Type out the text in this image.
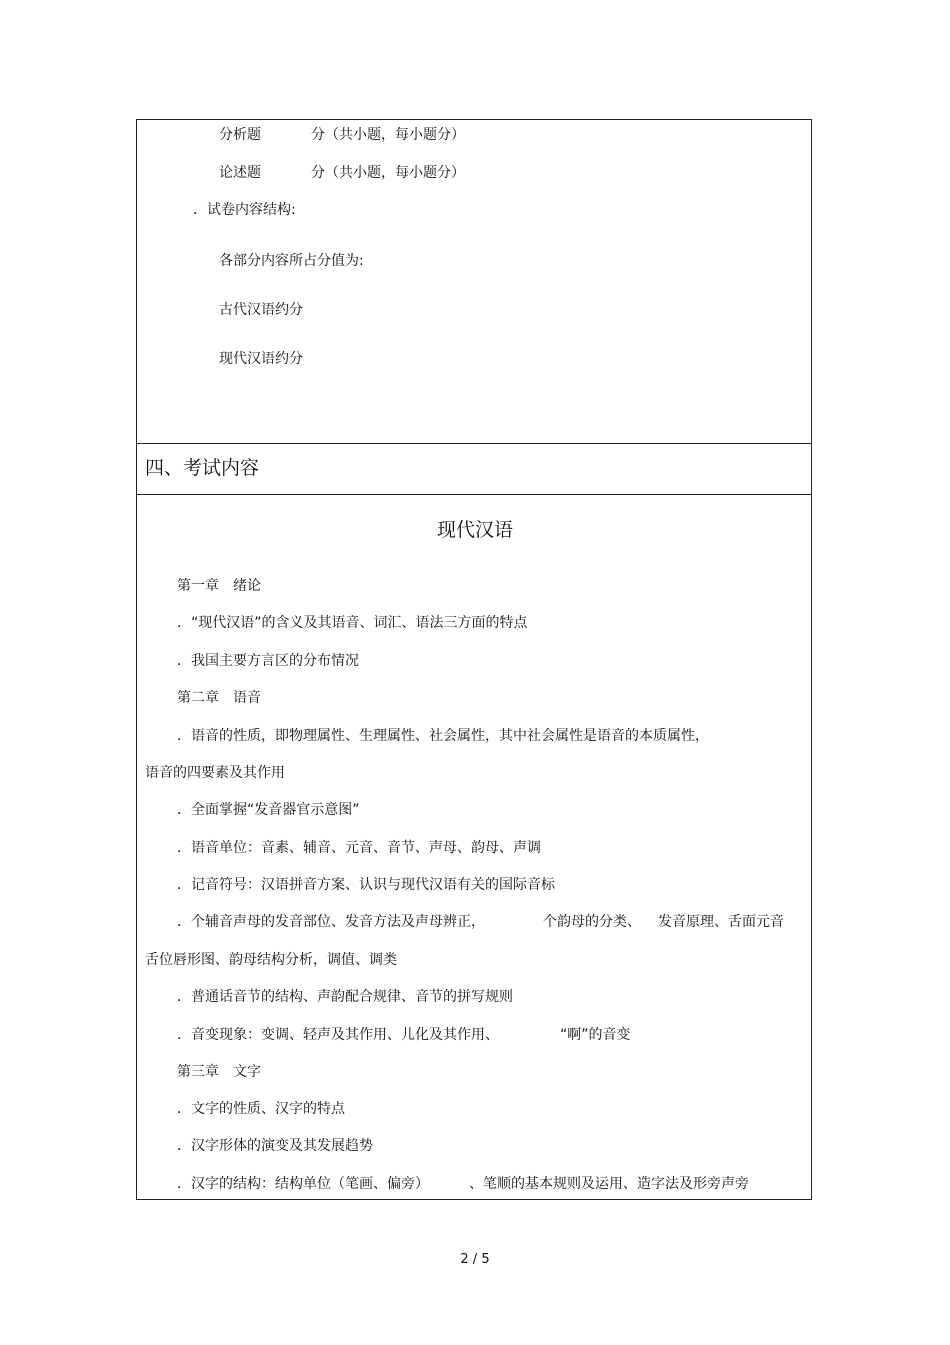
分析题	分（共小题，每小题分）
论述题	分（共小题，每小题分）
．试卷内容结构:
各部分内容所占分值为:
古代汉语约分
现代汉语约分
四、考试内容
现代汉语
第一章　绪论
．“现代汉语”的含义及其语音、词汇、语法三方面的特点
．我国主要方言区的分布情况
第二章　语音
．语音的性质，即物理属性、生理属性、社会属性，其中社会属性是语音的本质属性，
语音的四要素及其作用
．全面掌握“发音器官示意图”
．语音单位：音素、辅音、元音、音节、声母、韵母、声调
．记音符号：汉语拼音方案、认识与现代汉语有关的国际音标
．个辅音声母的发音部位、发音方法及声母辨正，	个韵母的分类、 发音原理、舌面元音
舌位唇形图、韵母结构分析，调值、调类
．普通话音节的结构、声韵配合规律、音节的拼写规则
．音变现象：变调、轻声及其作用、儿化及其作用、	“啊”的音变
第三章　文字
．文字的性质、汉字的特点
．汉字形体的演变及其发展趋势
．汉字的结构：结构单位（笔画、偏旁）	、笔顺的基本规则及运用、造字法及形旁声旁
2 / 5
